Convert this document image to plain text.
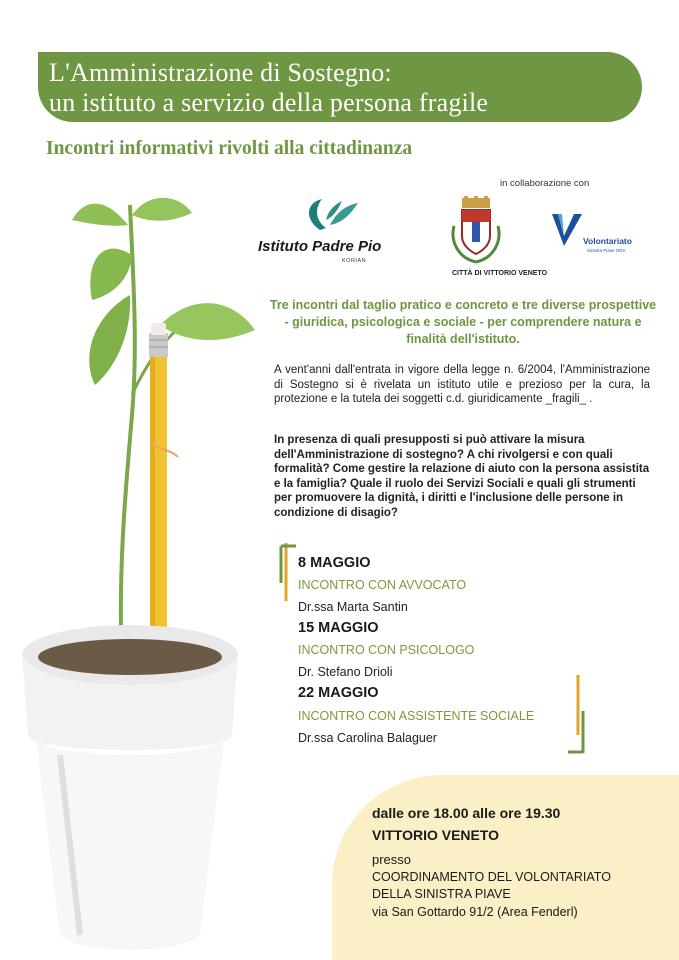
L'Amministrazione di Sostegno:
un istituto a servizio della persona fragile
Incontri informativi rivolti alla cittadinanza
in collaborazione con
Istituto Padre Pio
KORIAN
CITTÀ DI VITTORIO VENETO
Volontariato
Sinistra Piave ODV
Tre incontri dal taglio pratico e concreto e tre diverse prospettive - giuridica, psicologica e sociale - per comprendere natura e finalità dell'istituto.
A vent'anni dall'entrata in vigore della legge n. 6/2004, l'Amministrazione di Sostegno si è rivelata un istituto utile e prezioso per la cura, la protezione e la tutela dei soggetti c.d. giuridicamente _fragili_ .
In presenza di quali presupposti si può attivare la misura dell'Amministrazione di sostegno? A chi rivolgersi e con quali formalità? Come gestire la relazione di aiuto con la persona assistita e la famiglia? Quale il ruolo dei Servizi Sociali e quali gli strumenti per promuovere la dignità, i diritti e l'inclusione delle persone in condizione di disagio?
8 MAGGIO
INCONTRO CON AVVOCATO
Dr.ssa Marta Santin
15 MAGGIO
INCONTRO CON PSICOLOGO
Dr. Stefano Drioli
22 MAGGIO
INCONTRO CON ASSISTENTE SOCIALE
Dr.ssa Carolina Balaguer
dalle ore 18.00 alle ore 19.30
VITTORIO VENETO
presso
COORDINAMENTO DEL VOLONTARIATO
DELLA SINISTRA PIAVE
via San Gottardo 91/2 (Area Fenderl)
